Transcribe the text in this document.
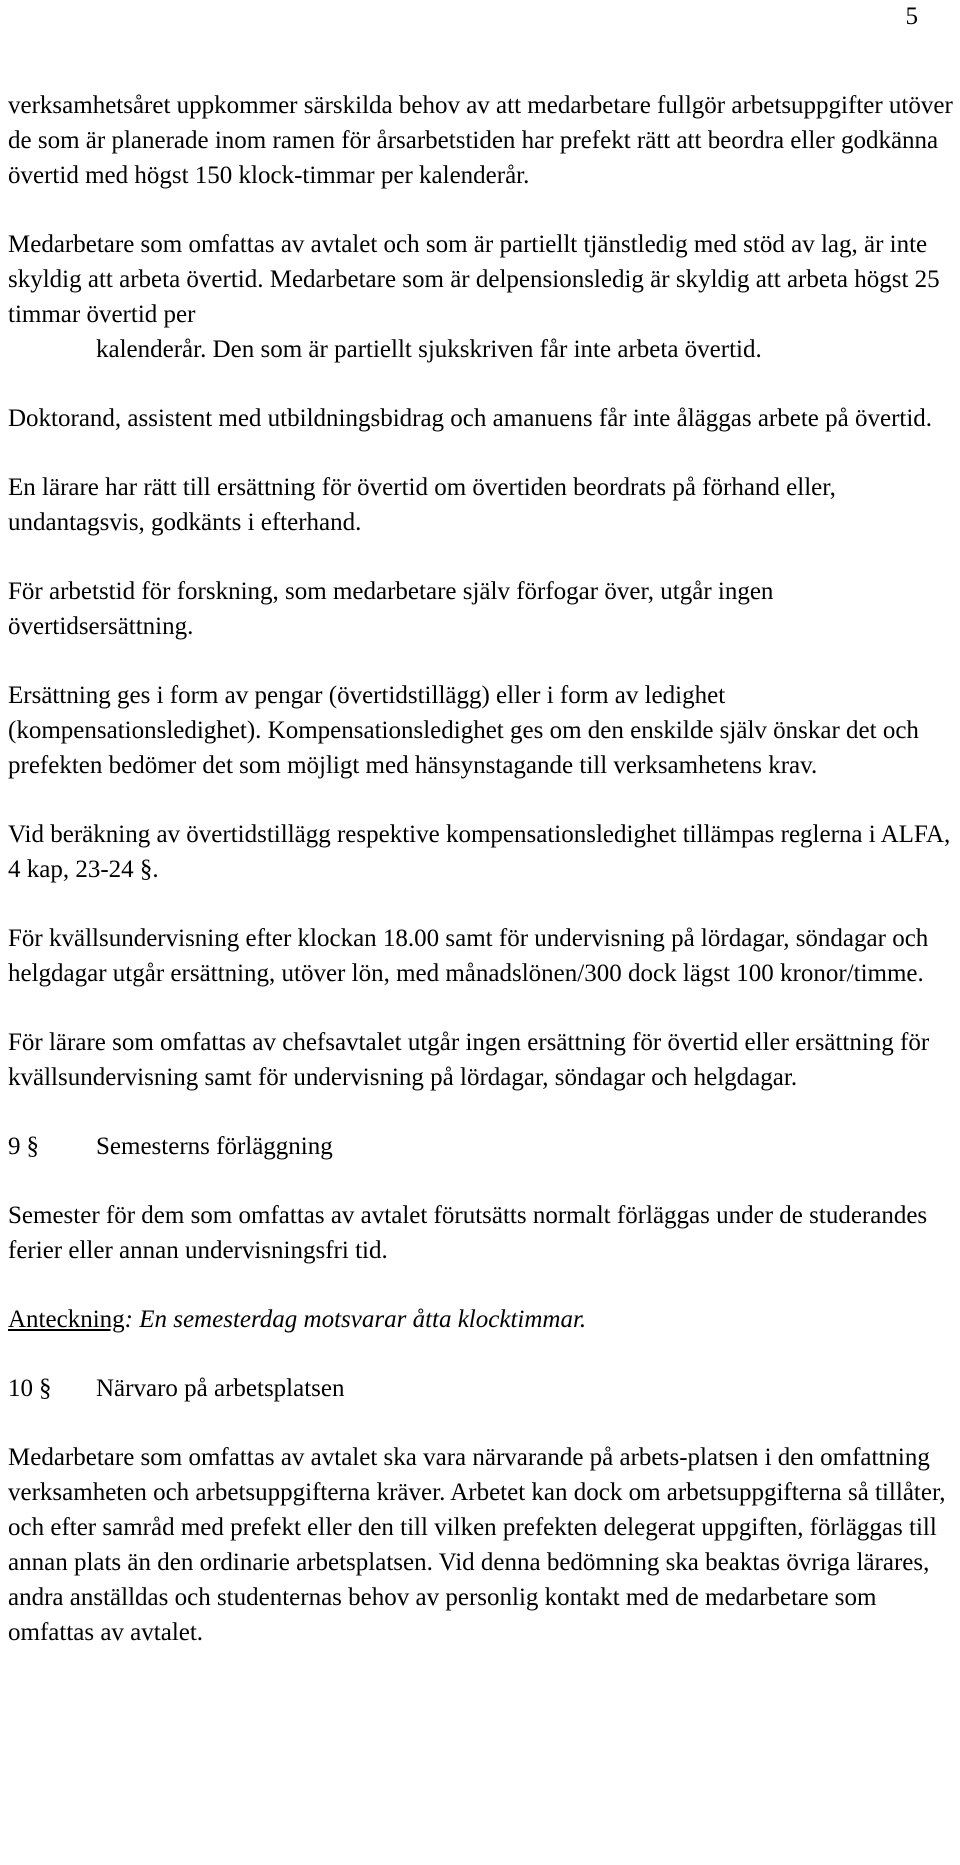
5

verksamhetsåret uppkommer särskilda behov av att medarbetare fullgör arbetsuppgifter utöver de som är planerade inom ramen för årsarbetstiden har prefekt rätt att beordra eller godkänna övertid med högst 150 klock-timmar per kalenderår.

Medarbetare som omfattas av avtalet och som är partiellt tjänstledig med stöd av lag, är inte skyldig att arbeta övertid. Medarbetare som är delpensionsledig är skyldig att arbeta högst 25 timmar övertid per
kalenderår. Den som är partiellt sjukskriven får inte arbeta övertid.

Doktorand, assistent med utbildningsbidrag och amanuens får inte åläggas arbete på övertid.

En lärare har rätt till ersättning för övertid om övertiden beordrats på förhand eller, undantagsvis, godkänts i efterhand.

För arbetstid för forskning, som medarbetare själv förfogar över, utgår ingen övertidsersättning.

Ersättning ges i form av pengar (övertidstillägg) eller i form av ledighet (kompensationsledighet). Kompensationsledighet ges om den enskilde själv önskar det och prefekten bedömer det som möjligt med hänsynstagande till verksamhetens krav.

Vid beräkning av övertidstillägg respektive kompensationsledighet tillämpas reglerna i ALFA, 4 kap, 23-24 §.

För kvällsundervisning efter klockan 18.00 samt för undervisning på lördagar, söndagar och helgdagar utgår ersättning, utöver lön, med månadslönen/300 dock lägst 100 kronor/timme.

För lärare som omfattas av chefsavtalet utgår ingen ersättning för övertid eller ersättning för kvällsundervisning samt för undervisning på lördagar, söndagar och helgdagar.

9 §	Semesterns förläggning

Semester för dem som omfattas av avtalet förutsätts normalt förläggas under de studerandes ferier eller annan undervisningsfri tid.

Anteckning: En semesterdag motsvarar åtta klocktimmar.

10 §	Närvaro på arbetsplatsen

Medarbetare som omfattas av avtalet ska vara närvarande på arbets-platsen i den omfattning verksamheten och arbetsuppgifterna kräver. Arbetet kan dock om arbetsuppgifterna så tillåter, och efter samråd med prefekt eller den till vilken prefekten delegerat uppgiften, förläggas till annan plats än den ordinarie arbetsplatsen. Vid denna bedömning ska beaktas övriga lärares, andra anställdas och studenternas behov av personlig kontakt med de medarbetare som omfattas av avtalet.
